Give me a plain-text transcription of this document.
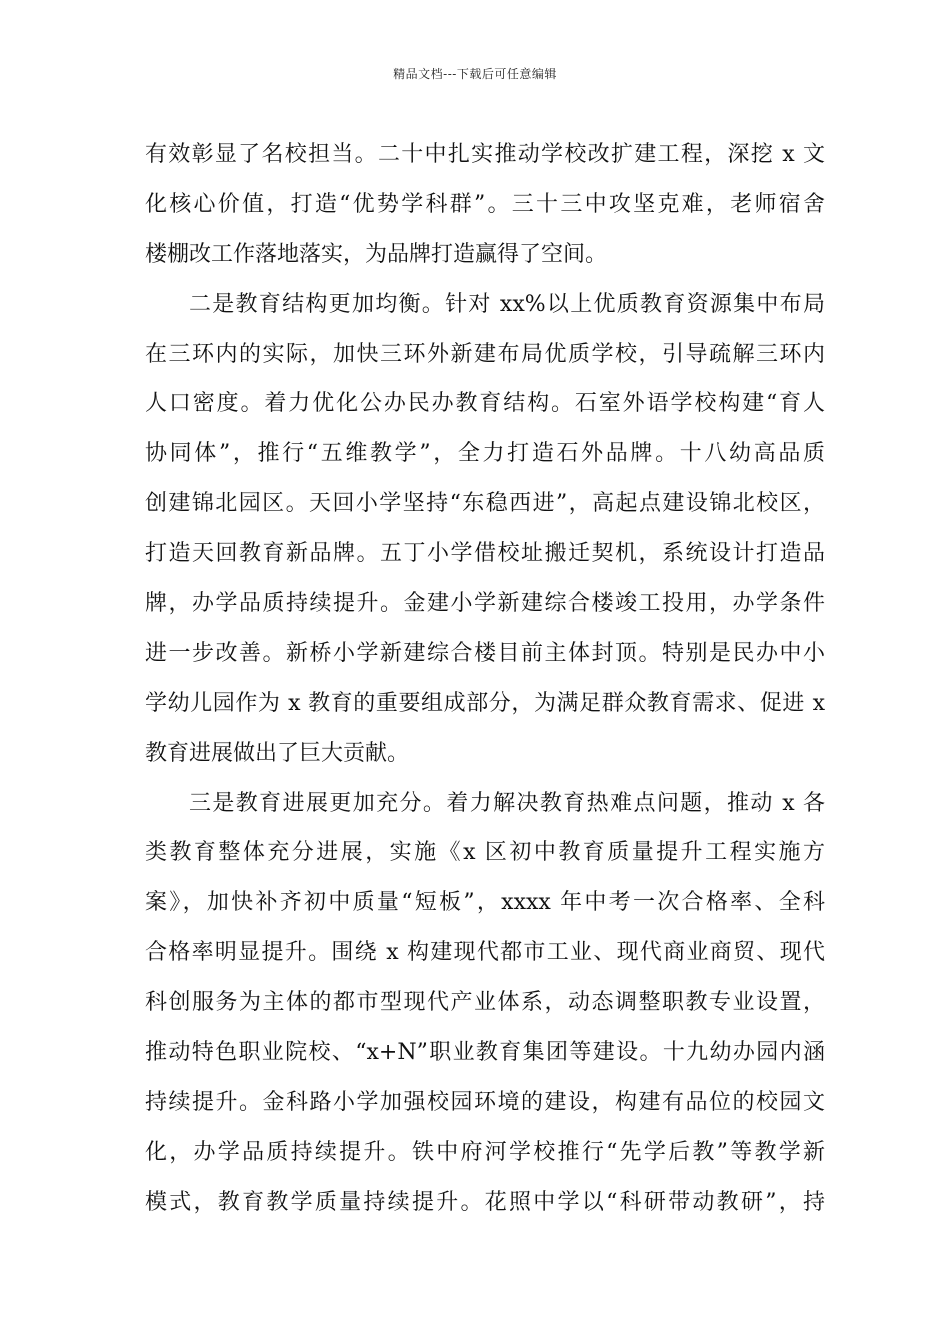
精品文档---下载后可任意编辑
有效彰显了名校担当。二十中扎实推动学校改扩建工程，深挖 x 文
化核心价值，打造“优势学科群”。三十三中攻坚克难，老师宿舍
楼棚改工作落地落实，为品牌打造赢得了空间。
二是教育结构更加均衡。针对 xx%以上优质教育资源集中布局
在三环内的实际，加快三环外新建布局优质学校，引导疏解三环内
人口密度。着力优化公办民办教育结构。石室外语学校构建“育人
协同体”，推行“五维教学”，全力打造石外品牌。十八幼高品质
创建锦北园区。天回小学坚持“东稳西进”，高起点建设锦北校区，
打造天回教育新品牌。五丁小学借校址搬迁契机，系统设计打造品
牌，办学品质持续提升。金建小学新建综合楼竣工投用，办学条件
进一步改善。新桥小学新建综合楼目前主体封顶。特别是民办中小
学幼儿园作为 x 教育的重要组成部分，为满足群众教育需求、促进 x
教育进展做出了巨大贡献。
三是教育进展更加充分。着力解决教育热难点问题，推动 x 各
类教育整体充分进展，实施《x 区初中教育质量提升工程实施方
案》，加快补齐初中质量“短板”，xxxx 年中考一次合格率、全科
合格率明显提升。围绕 x 构建现代都市工业、现代商业商贸、现代
科创服务为主体的都市型现代产业体系，动态调整职教专业设置，
推动特色职业院校、“x+N”职业教育集团等建设。十九幼办园内涵
持续提升。金科路小学加强校园环境的建设，构建有品位的校园文
化，办学品质持续提升。铁中府河学校推行“先学后教”等教学新
模式，教育教学质量持续提升。花照中学以“科研带动教研”，持
